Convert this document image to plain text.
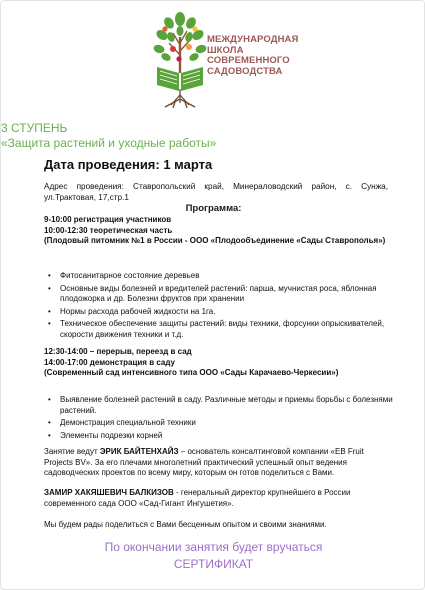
МЕЖДУНАРОДНАЯ
ШКОЛА
СОВРЕМЕННОГО
САДОВОДСТВА
3 СТУПЕНЬ
«Защита растений и уходные работы»
Дата проведения: 1 марта
Адрес проведения: Ставропольский край, Минераловодский район, с. Сунжа, ул.Трактовая, 17,стр.1
Программа:
9-10:00 регистрация участников
10:00-12:30 теоретическая часть
(Плодовый питомник №1 в России - ООО «Плодообъединение «Сады Ставрополья»)
• Фитосанитарное состояние деревьев
• Основные виды болезней и вредителей растений: парша, мучнистая роса, яблонная плодожорка и др. Болезни фруктов при хранении
• Нормы расхода рабочей жидкости на 1га.
• Техническое обеспечение защиты растений: виды техники, форсунки опрыскивателей, скорости движения техники и т.д.
12:30-14:00 – перерыв, переезд в сад
14:00-17:00 демонстрация в саду
(Современный сад интенсивного типа ООО «Сады Карачаево-Черкесии»)
• Выявление болезней растений в саду. Различные методы и приемы борьбы с болезнями растений.
• Демонстрация специальной техники
• Элементы подрезки корней
Занятие ведут ЭРИК БАЙТЕНХАЙЗ – основатель консалтинговой компании «EB Fruit Projects BV». За его плечами многолетний практический успешный опыт ведения садоводческих проектов по всему миру, которым он готов поделиться с Вами.
ЗАМИР ХАКЯШЕВИЧ БАЛКИЗОВ - генеральный директор крупнейшего в России современного сада ООО «Сад-Гигант Ингушетия».
Мы будем рады поделиться с Вами бесценным опытом и своими знаниями.
По окончании занятия будет вручаться
СЕРТИФИКАТ
